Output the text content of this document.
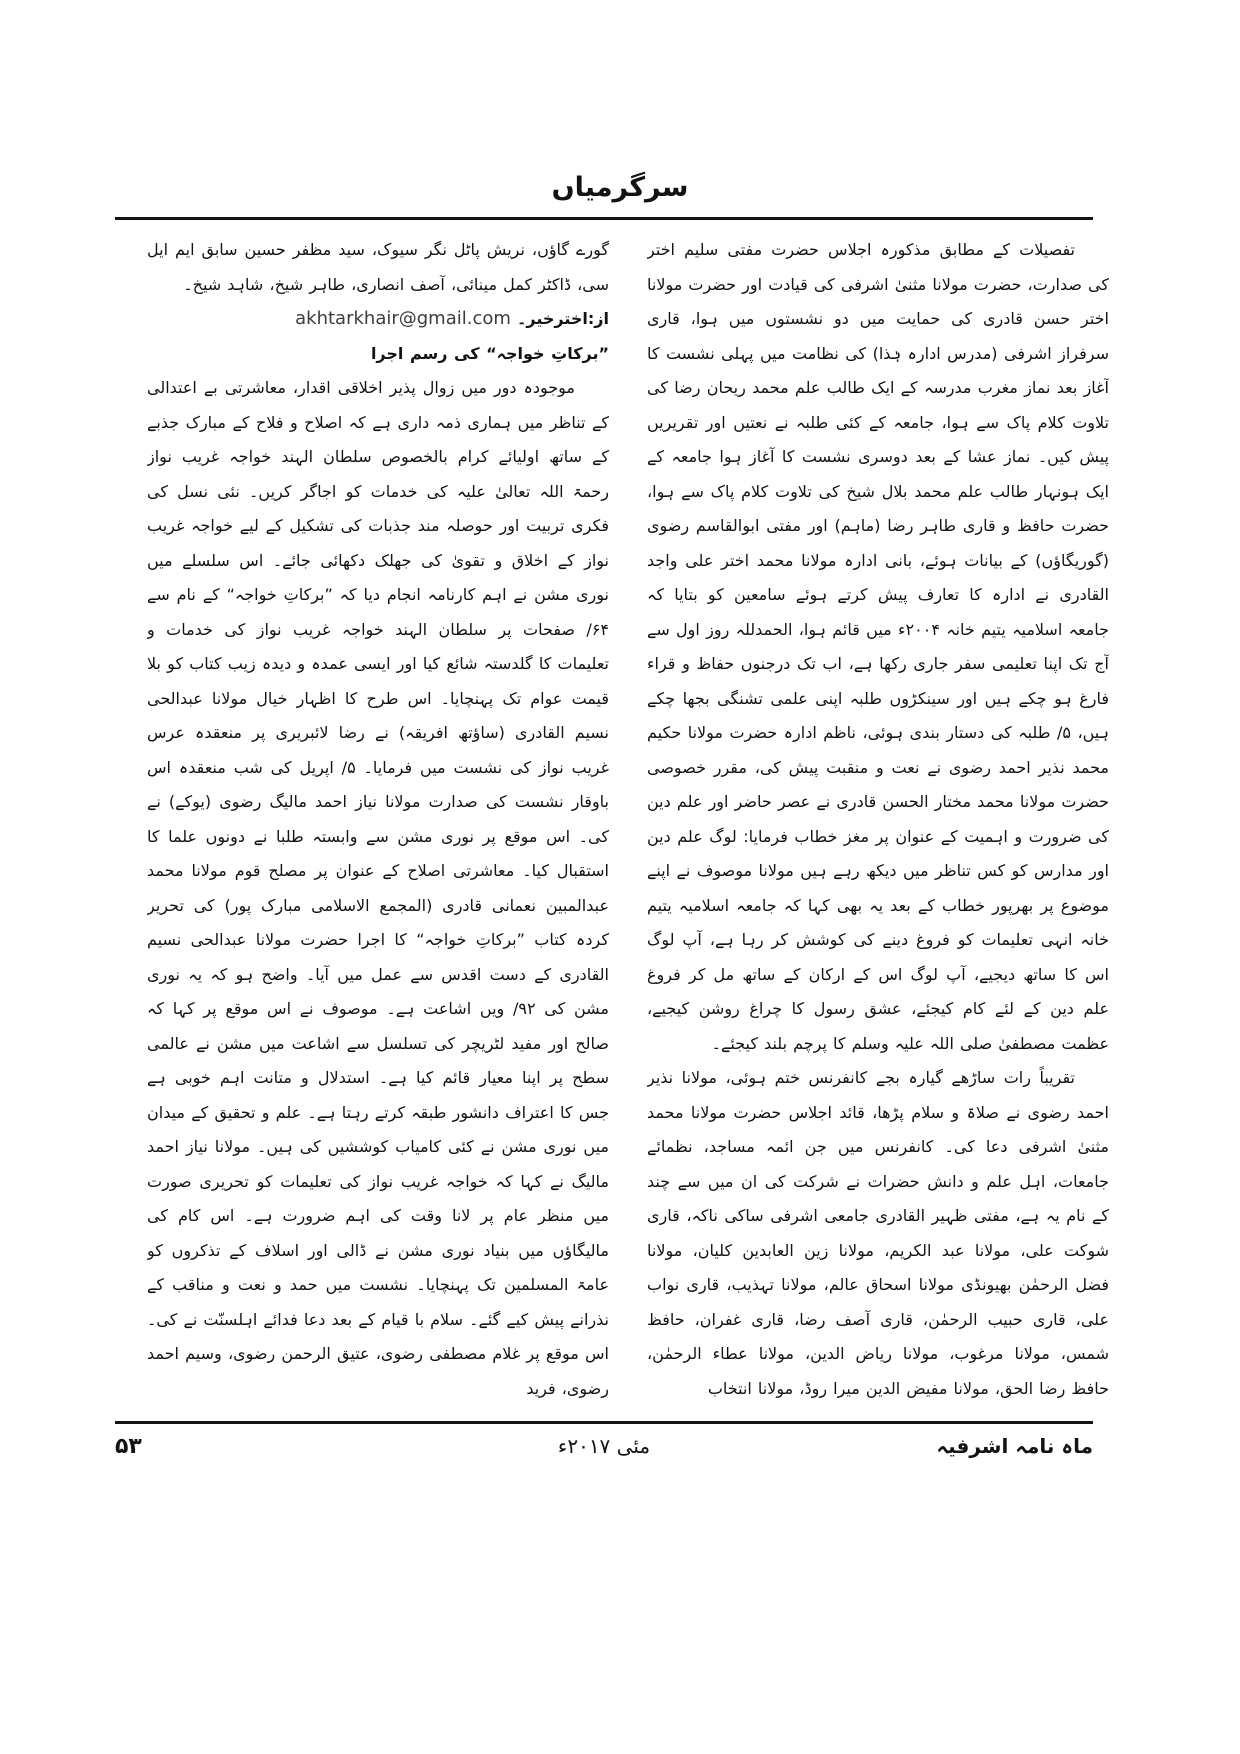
سرگرمیاں

تفصیلات کے مطابق مذکورہ اجلاس حضرت مفتی سلیم اختر کی صدارت، حضرت مولانا مثنیٰ اشرفی کی قیادت اور حضرت مولانا اختر حسن قادری کی حمایت میں دو نشستوں میں ہوا، قاری سرفراز اشرفی (مدرس ادارہ ہٰذا) کی نظامت میں پہلی نشست کا آغاز بعد نماز مغرب مدرسہ کے ایک طالب علم محمد ریحان رضا کی تلاوت کلام پاک سے ہوا، جامعہ کے کئی طلبہ نے نعتیں اور تقریریں پیش کیں۔ نماز عشا کے بعد دوسری نشست کا آغاز ہوا جامعہ کے ایک ہونہار طالب علم محمد بلال شیخ کی تلاوت کلام پاک سے ہوا، حضرت حافظ و قاری طاہر رضا (ماہم) اور مفتی ابوالقاسم رضوی (گوریگاؤں) کے بیانات ہوئے، بانی ادارہ مولانا محمد اختر علی واجد القادری نے ادارہ کا تعارف پیش کرتے ہوئے سامعین کو بتایا کہ جامعہ اسلامیہ یتیم خانہ ۲۰۰۴ء میں قائم ہوا، الحمدللہ روز اول سے آج تک اپنا تعلیمی سفر جاری رکھا ہے، اب تک درجنوں حفاظ و قراء فارغ ہو چکے ہیں اور سینکڑوں طلبہ اپنی علمی تشنگی بجھا چکے ہیں، ۵/ طلبہ کی دستار بندی ہوئی، ناظم ادارہ حضرت مولانا حکیم محمد نذیر احمد رضوی نے نعت و منقبت پیش کی، مقرر خصوصی حضرت مولانا محمد مختار الحسن قادری نے عصر حاضر اور علم دین کی ضرورت و اہمیت کے عنوان پر مغز خطاب فرمایا: لوگ علم دین اور مدارس کو کس تناظر میں دیکھ رہے ہیں مولانا موصوف نے اپنے موضوع پر بھرپور خطاب کے بعد یہ بھی کہا کہ جامعہ اسلامیہ یتیم خانہ انہی تعلیمات کو فروغ دینے کی کوشش کر رہا ہے، آپ لوگ اس کا ساتھ دیجیے، آپ لوگ اس کے ارکان کے ساتھ مل کر فروغ علم دین کے لئے کام کیجئے، عشق رسول کا چراغ روشن کیجیے، عظمت مصطفیٰ صلی اللہ علیہ وسلم کا پرچم بلند کیجئے۔

تقریباً رات ساڑھے گیارہ بجے کانفرنس ختم ہوئی، مولانا نذیر احمد رضوی نے صلاۃ و سلام پڑھا، قائد اجلاس حضرت مولانا محمد مثنیٰ اشرفی دعا کی۔ کانفرنس میں جن ائمہ مساجد، نظمائے جامعات، اہل علم و دانش حضرات نے شرکت کی ان میں سے چند کے نام یہ ہے، مفتی ظہیر القادری جامعی اشرفی ساکی ناکہ، قاری شوکت علی، مولانا عبد الکریم، مولانا زین العابدین کلیان، مولانا فضل الرحمٰن بھیونڈی مولانا اسحاق عالم، مولانا تہذیب، قاری نواب علی، قاری حبیب الرحمٰن، قاری آصف رضا، قاری غفران، حافظ شمس، مولانا مرغوب، مولانا ریاض الدین، مولانا عطاء الرحمٰن، حافظ رضا الحق، مولانا مفیض الدین میرا روڈ، مولانا انتخاب

گورے گاؤں، نریش پاٹل نگر سیوک، سید مظفر حسین سابق ایم ایل سی، ڈاکٹر کمل مینائی، آصف انصاری، طاہر شیخ، شاہد شیخ۔

از:اخترخیر۔ akhtarkhair@gmail.com

”برکاتِ خواجہ“ کی رسم اجرا

موجودہ دور میں زوال پذیر اخلاقی اقدار، معاشرتی بے اعتدالی کے تناظر میں ہماری ذمہ داری ہے کہ اصلاح و فلاح کے مبارک جذبے کے ساتھ اولیائے کرام بالخصوص سلطان الہند خواجہ غریب نواز رحمۃ اللہ تعالیٰ علیہ کی خدمات کو اجاگر کریں۔ نئی نسل کی فکری تربیت اور حوصلہ مند جذبات کی تشکیل کے لیے خواجہ غریب نواز کے اخلاق و تقویٰ کی جھلک دکھائی جائے۔ اس سلسلے میں نوری مشن نے اہم کارنامہ انجام دیا کہ ”برکاتِ خواجہ“ کے نام سے ۶۴/ صفحات پر سلطان الہند خواجہ غریب نواز کی خدمات و تعلیمات کا گلدستہ شائع کیا اور ایسی عمدہ و دیدہ زیب کتاب کو بلا قیمت عوام تک پہنچایا۔ اس طرح کا اظہار خیال مولانا عبدالحی نسیم القادری (ساؤتھ افریقہ) نے رضا لائبریری پر منعقدہ عرس غریب نواز کی نشست میں فرمایا۔ ۵/ اپریل کی شب منعقدہ اس باوقار نشست کی صدارت مولانا نیاز احمد مالیگ رضوی (یوکے) نے کی۔ اس موقع پر نوری مشن سے وابستہ طلبا نے دونوں علما کا استقبال کیا۔ معاشرتی اصلاح کے عنوان پر مصلح قوم مولانا محمد عبدالمبین نعمانی قادری (المجمع الاسلامی مبارک پور) کی تحریر کردہ کتاب ”برکاتِ خواجہ“ کا اجرا حضرت مولانا عبدالحی نسیم القادری کے دست اقدس سے عمل میں آیا۔ واضح ہو کہ یہ نوری مشن کی ۹۲/ ویں اشاعت ہے۔ موصوف نے اس موقع پر کہا کہ صالح اور مفید لٹریچر کی تسلسل سے اشاعت میں مشن نے عالمی سطح پر اپنا معیار قائم کیا ہے۔ استدلال و متانت اہم خوبی ہے جس کا اعتراف دانشور طبقہ کرتے رہتا ہے۔ علم و تحقیق کے میدان میں نوری مشن نے کئی کامیاب کوششیں کی ہیں۔ مولانا نیاز احمد مالیگ نے کہا کہ خواجہ غریب نواز کی تعلیمات کو تحریری صورت میں منظر عام پر لانا وقت کی اہم ضرورت ہے۔ اس کام کی مالیگاؤں میں بنیاد نوری مشن نے ڈالی اور اسلاف کے تذکروں کو عامۃ المسلمین تک پہنچایا۔ نشست میں حمد و نعت و مناقب کے نذرانے پیش کیے گئے۔ سلام با قیام کے بعد دعا فدائے اہلسنّت نے کی۔ اس موقع پر غلام مصطفی رضوی، عتیق الرحمن رضوی، وسیم احمد رضوی، فرید

ماہ نامہ اشرفیہ
مئی ۲۰۱۷ء
۵۳
